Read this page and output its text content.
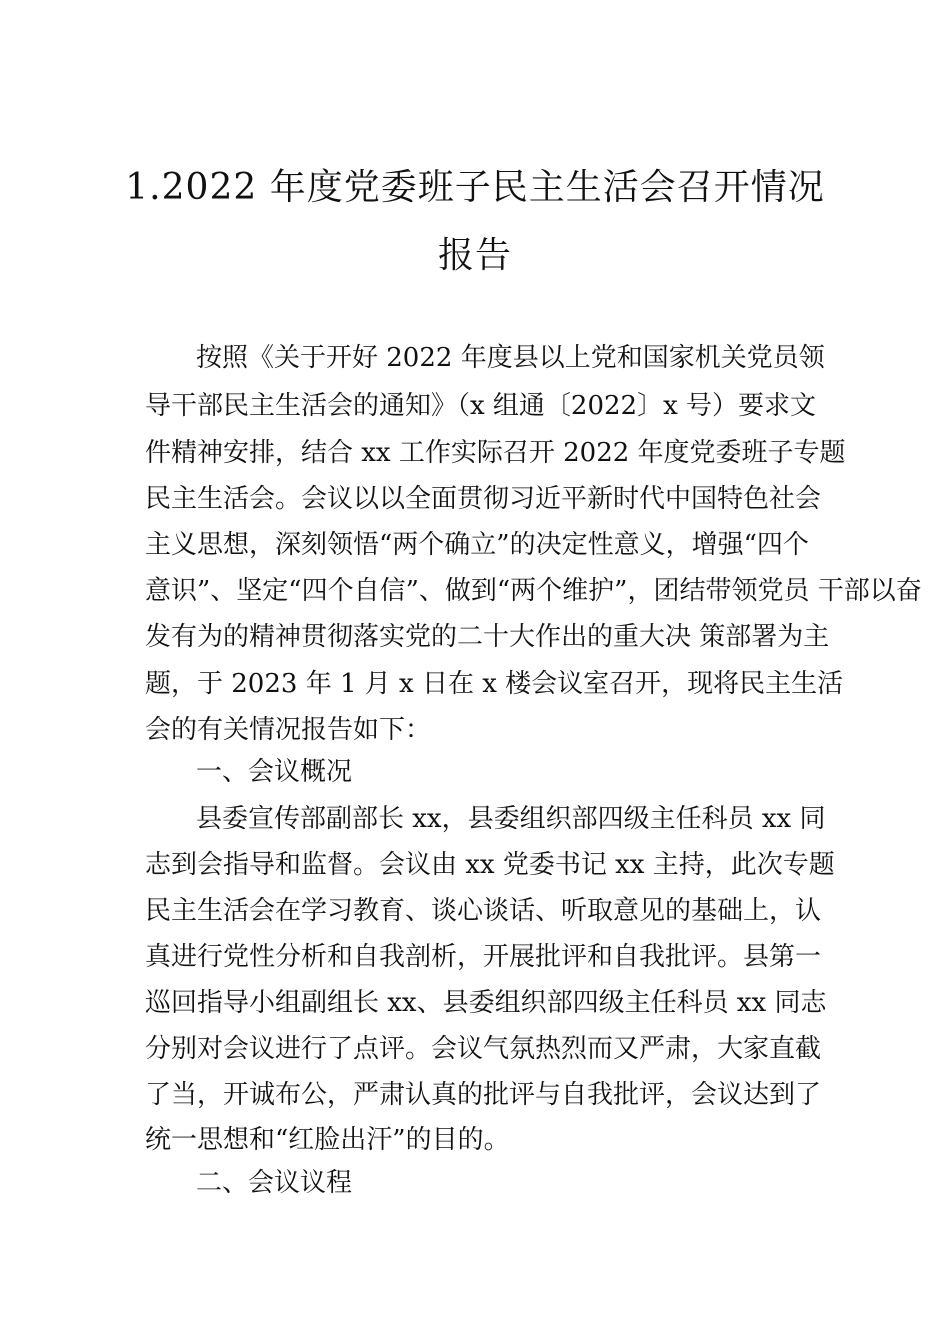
1.2022 年度党委班子民主生活会召开情况
报告
按照《关于开好 2022 年度县以上党和国家机关党员领
导干部民主生活会的通知》（x 组通〔2022〕x 号）要求文
件精神安排，结合 xx 工作实际召开 2022 年度党委班子专题
民主生活会。会议以以全面贯彻习近平新时代中国特色社会
主义思想，深刻领悟“两个确立”的决定性意义，增强“四个
意识”、坚定“四个自信”、做到“两个维护”，团结带领党员 干部以奋
发有为的精神贯彻落实党的二十大作出的重大决 策部署为主
题，于 2023 年 1 月 x 日在 x 楼会议室召开，现将民主生活
会的有关情况报告如下：
一、会议概况
县委宣传部副部长 xx，县委组织部四级主任科员 xx 同
志到会指导和监督。会议由 xx 党委书记 xx 主持，此次专题
民主生活会在学习教育、谈心谈话、听取意见的基础上，认
真进行党性分析和自我剖析，开展批评和自我批评。县第一
巡回指导小组副组长 xx、县委组织部四级主任科员 xx 同志
分别对会议进行了点评。会议气氛热烈而又严肃，大家直截
了当，开诚布公，严肃认真的批评与自我批评，会议达到了
统一思想和“红脸出汗”的目的。
二、会议议程
